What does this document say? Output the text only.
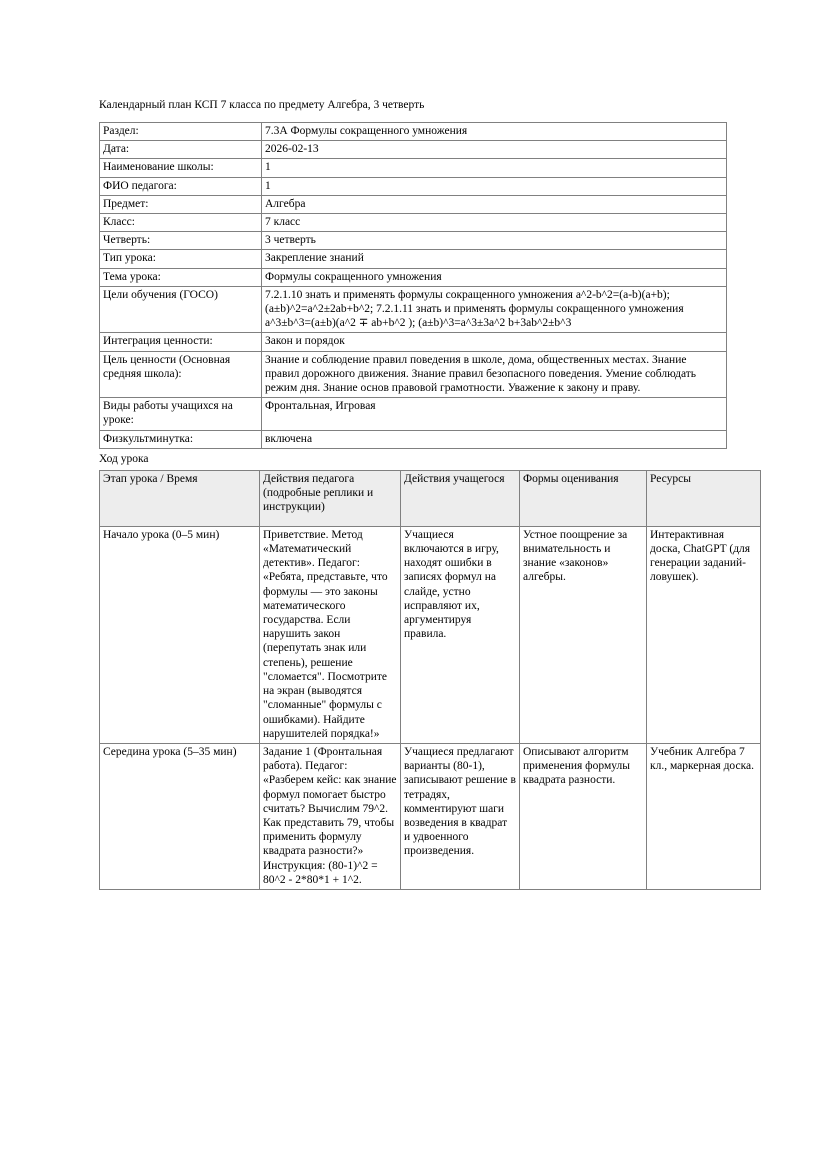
Календарный план КСП 7 класса по предмету Алгебра, 3 четверть
Раздел:	7.3А Формулы сокращенного умножения
Дата:	2026-02-13
Наименование школы:	1
ФИО педагога:	1
Предмет:	Алгебра
Класс:	7 класс
Четверть:	3 четверть
Тип урока:	Закрепление знаний
Тема урока:	Формулы сокращенного умножения
Цели обучения (ГОСО)	7.2.1.10 знать и применять формулы сокращенного умножения a^2-b^2=(a-b)(a+b); (a±b)^2=a^2±2ab+b^2; 7.2.1.11 знать и применять формулы сокращенного умножения a^3±b^3=(a±b)(a^2 ∓ ab+b^2 ); (a±b)^3=a^3±3a^2 b+3ab^2±b^3
Интеграция ценности:	Закон и порядок
Цель ценности (Основная средняя школа):	Знание и соблюдение правил поведения в школе, дома, общественных местах. Знание правил дорожного движения. Знание правил безопасного поведения. Умение соблюдать режим дня. Знание основ правовой грамотности. Уважение к закону и праву.
Виды работы учащихся на уроке:	Фронтальная, Игровая
Физкультминутка:	включена
Ход урока
Этап урока / Время	Действия педагога (подробные реплики и инструкции)	Действия учащегося	Формы оценивания	Ресурсы
Начало урока (0–5 мин)	Приветствие. Метод «Математический детектив». Педагог: «Ребята, представьте, что формулы — это законы математического государства. Если нарушить закон (перепутать знак или степень), решение "сломается". Посмотрите на экран (выводятся "сломанные" формулы с ошибками). Найдите нарушителей порядка!»	Учащиеся включаются в игру, находят ошибки в записях формул на слайде, устно исправляют их, аргументируя правила.	Устное поощрение за внимательность и знание «законов» алгебры.	Интерактивная доска, ChatGPT (для генерации заданий-ловушек).
Середина урока (5–35 мин)	Задание 1 (Фронтальная работа). Педагог: «Разберем кейс: как знание формул помогает быстро считать? Вычислим 79^2. Как представить 79, чтобы применить формулу квадрата разности?» Инструкция: (80-1)^2 = 80^2 - 2*80*1 + 1^2.	Учащиеся предлагают варианты (80-1), записывают решение в тетрадях, комментируют шаги возведения в квадрат и удвоенного произведения.	Описывают алгоритм применения формулы квадрата разности.	Учебник Алгебра 7 кл., маркерная доска.
